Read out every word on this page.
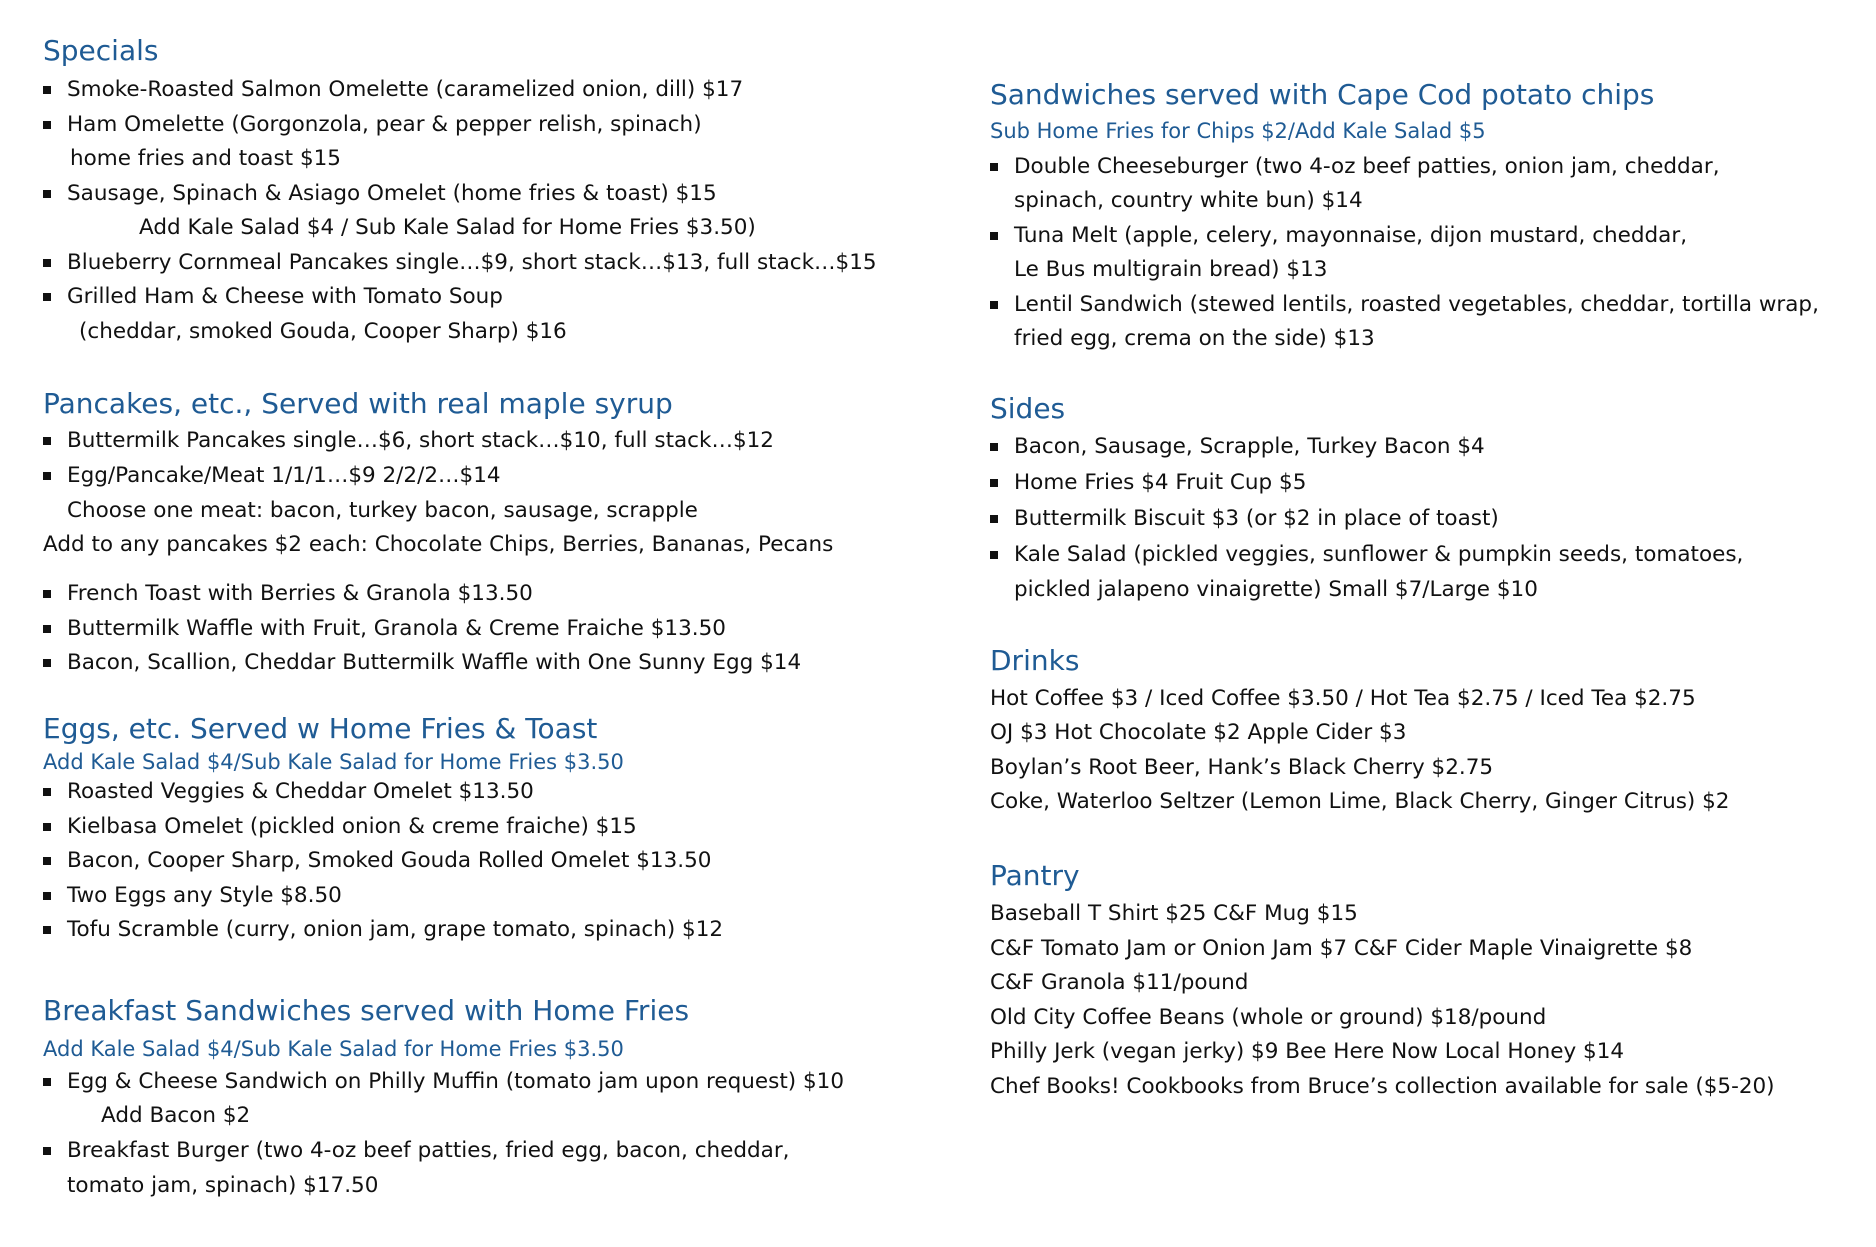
Specials
Smoke-Roasted Salmon Omelette (caramelized onion, dill) $17
Ham Omelette (Gorgonzola, pear & pepper relish, spinach)
home fries and toast $15
Sausage, Spinach & Asiago Omelet (home fries & toast) $15
Add Kale Salad $4 / Sub Kale Salad for Home Fries $3.50)
Blueberry Cornmeal Pancakes single…$9, short stack…$13, full stack…$15
Grilled Ham & Cheese with Tomato Soup
(cheddar, smoked Gouda, Cooper Sharp) $16
Pancakes, etc., Served with real maple syrup
Buttermilk Pancakes single…$6, short stack…$10, full stack…$12
Egg/Pancake/Meat 1/1/1…$9 2/2/2…$14
Choose one meat: bacon, turkey bacon, sausage, scrapple
Add to any pancakes $2 each: Chocolate Chips, Berries, Bananas, Pecans
French Toast with Berries & Granola $13.50
Buttermilk Waffle with Fruit, Granola & Creme Fraiche $13.50
Bacon, Scallion, Cheddar Buttermilk Waffle with One Sunny Egg $14
Eggs, etc. Served w Home Fries & Toast
Add Kale Salad $4/Sub Kale Salad for Home Fries $3.50
Roasted Veggies & Cheddar Omelet $13.50
Kielbasa Omelet (pickled onion & creme fraiche) $15
Bacon, Cooper Sharp, Smoked Gouda Rolled Omelet $13.50
Two Eggs any Style $8.50
Tofu Scramble (curry, onion jam, grape tomato, spinach) $12
Breakfast Sandwiches served with Home Fries
Add Kale Salad $4/Sub Kale Salad for Home Fries $3.50
Egg & Cheese Sandwich on Philly Muffin (tomato jam upon request) $10
Add Bacon $2
Breakfast Burger (two 4-oz beef patties, fried egg, bacon, cheddar,
tomato jam, spinach) $17.50
Sandwiches served with Cape Cod potato chips
Sub Home Fries for Chips $2/Add Kale Salad $5
Double Cheeseburger (two 4-oz beef patties, onion jam, cheddar,
spinach, country white bun) $14
Tuna Melt (apple, celery, mayonnaise, dijon mustard, cheddar,
Le Bus multigrain bread) $13
Lentil Sandwich (stewed lentils, roasted vegetables, cheddar, tortilla wrap,
fried egg, crema on the side) $13
Sides
Bacon, Sausage, Scrapple, Turkey Bacon $4
Home Fries $4 Fruit Cup $5
Buttermilk Biscuit $3 (or $2 in place of toast)
Kale Salad (pickled veggies, sunflower & pumpkin seeds, tomatoes,
pickled jalapeno vinaigrette) Small $7/Large $10
Drinks
Hot Coffee $3 / Iced Coffee $3.50 / Hot Tea $2.75 / Iced Tea $2.75
OJ $3 Hot Chocolate $2 Apple Cider $3
Boylan’s Root Beer, Hank’s Black Cherry $2.75
Coke, Waterloo Seltzer (Lemon Lime, Black Cherry, Ginger Citrus) $2
Pantry
Baseball T Shirt $25 C&F Mug $15
C&F Tomato Jam or Onion Jam $7 C&F Cider Maple Vinaigrette $8
C&F Granola $11/pound
Old City Coffee Beans (whole or ground) $18/pound
Philly Jerk (vegan jerky) $9 Bee Here Now Local Honey $14
Chef Books! Cookbooks from Bruce’s collection available for sale ($5-20)
